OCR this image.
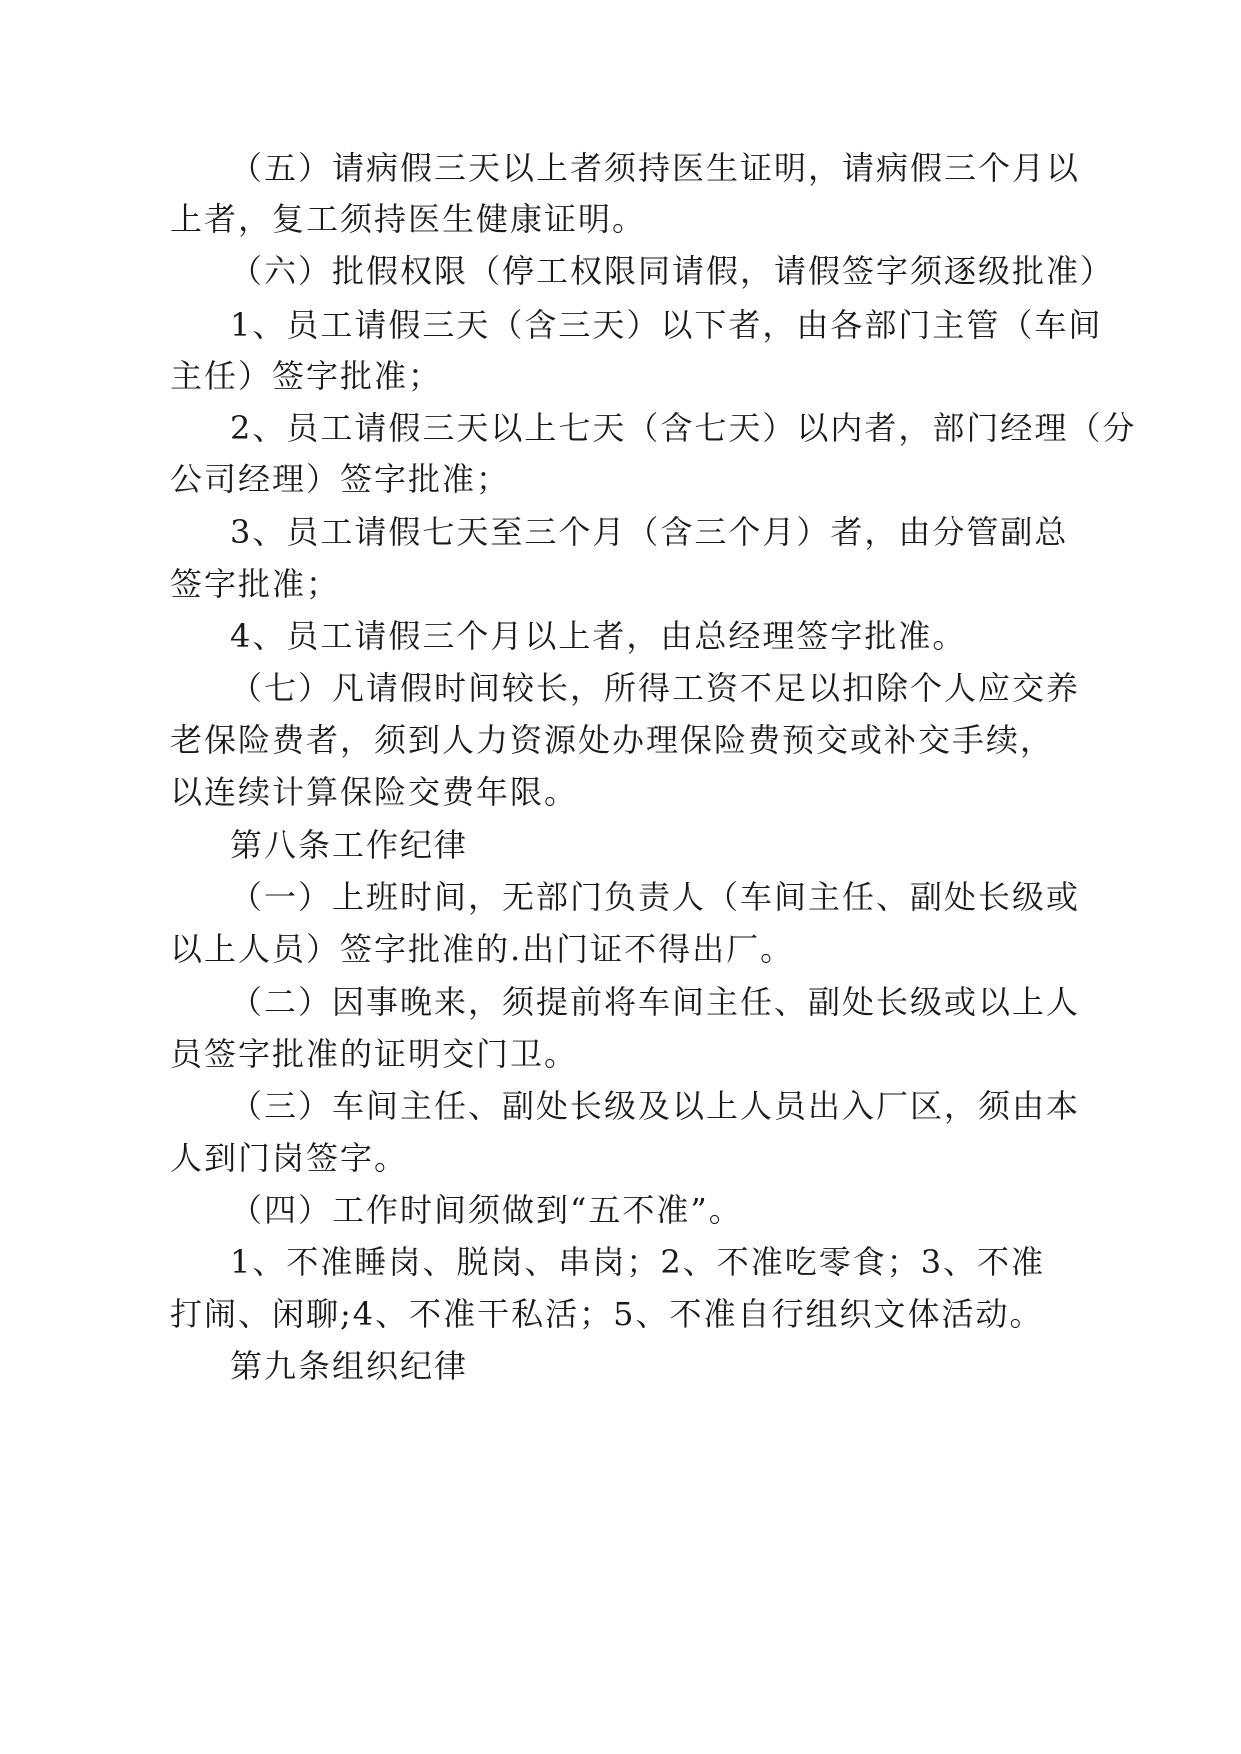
（五）请病假三天以上者须持医生证明，请病假三个月以
上者，复工须持医生健康证明。
（六）批假权限（停工权限同请假，请假签字须逐级批准）
1、员工请假三天（含三天）以下者，由各部门主管（车间
主任）签字批准；
2、员工请假三天以上七天（含七天）以内者，部门经理（分
公司经理）签字批准；
3、员工请假七天至三个月（含三个月）者，由分管副总
签字批准；
4、员工请假三个月以上者，由总经理签字批准。
（七）凡请假时间较长，所得工资不足以扣除个人应交养
老保险费者，须到人力资源处办理保险费预交或补交手续，
以连续计算保险交费年限。
第八条工作纪律
（一）上班时间，无部门负责人（车间主任、副处长级或
以上人员）签字批准的.出门证不得出厂。
（二）因事晚来，须提前将车间主任、副处长级或以上人
员签字批准的证明交门卫。
（三）车间主任、副处长级及以上人员出入厂区，须由本
人到门岗签字。
（四）工作时间须做到“五不准”。
1、不准睡岗、脱岗、串岗；2、不准吃零食；3、不准
打闹、闲聊;4、不准干私活；5、不准自行组织文体活动。
第九条组织纪律
